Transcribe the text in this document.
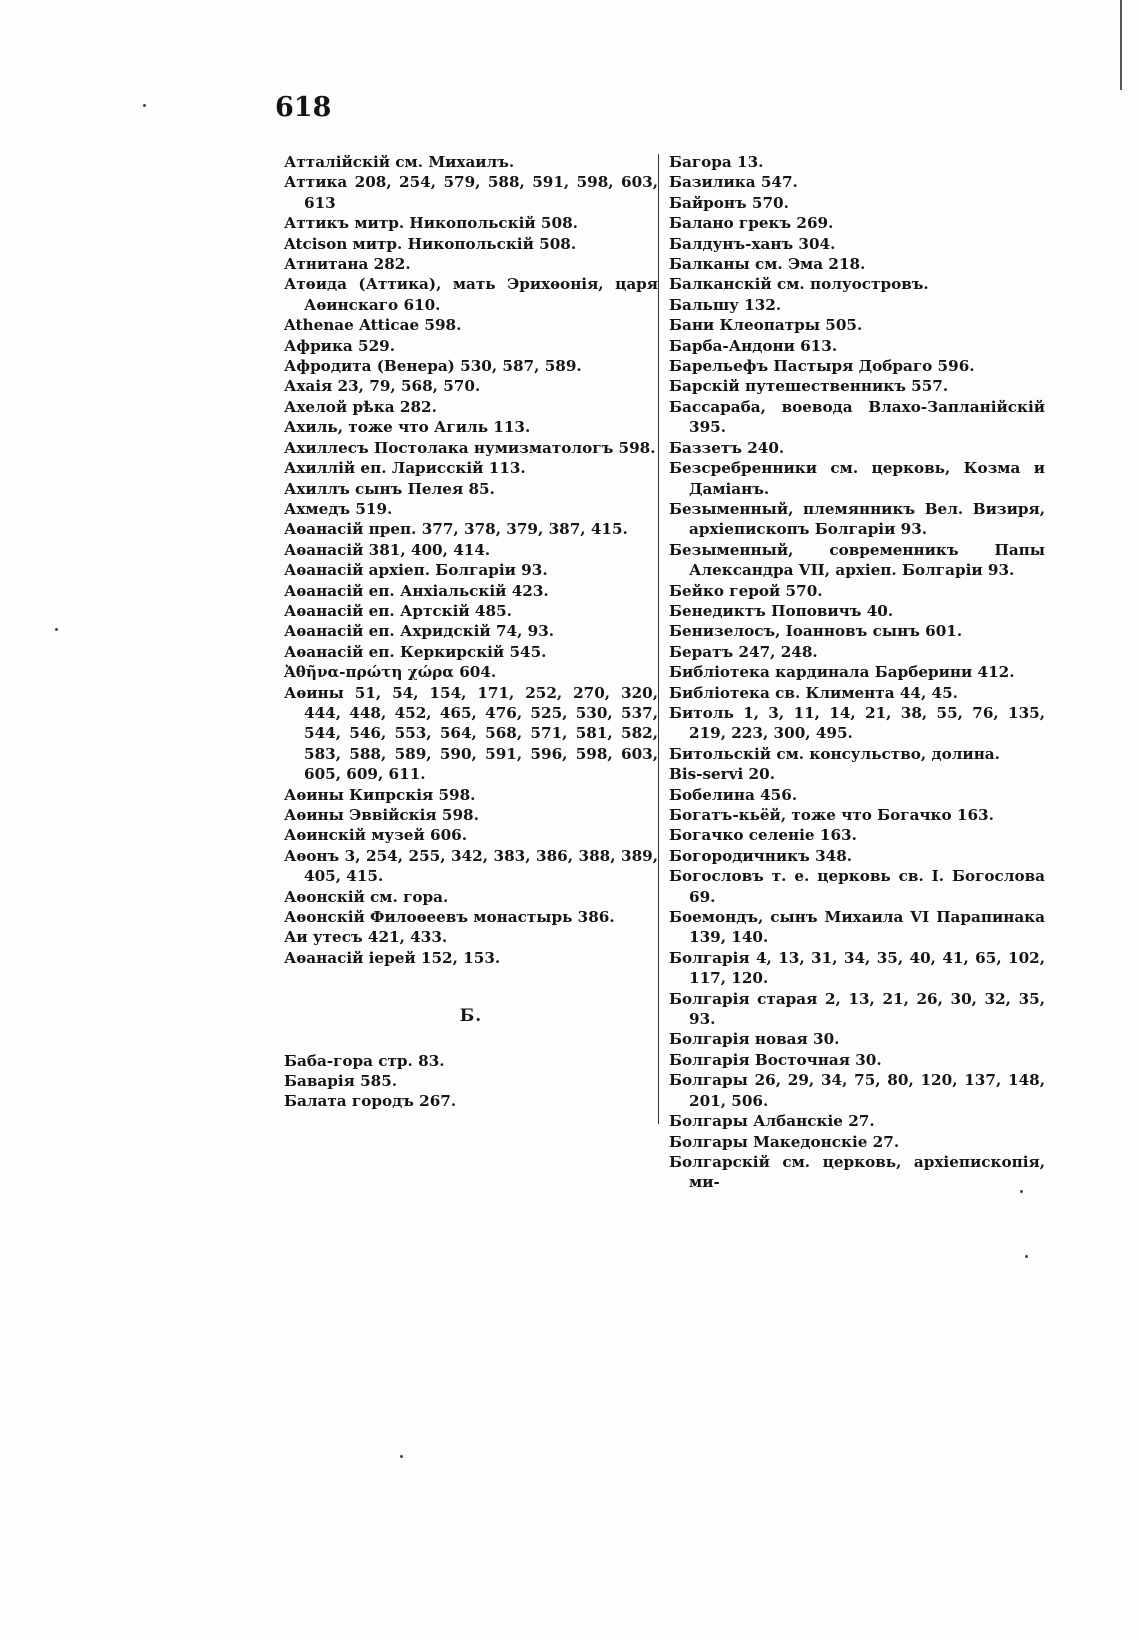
618
Атталійскій см. Михаилъ.
Аттика 208, 254, 579, 588, 591, 598, 603, 613
Аттикъ митр. Никопольскій 508.
Atcison митр. Никопольскій 508.
Атнитана 282.
Атѳида (Аттика), мать Эрихѳонія, царя Аѳинскаго 610.
Athenae Atticae 598.
Африка 529.
Афродита (Венера) 530, 587, 589.
Ахаія 23, 79, 568, 570.
Ахелой рѣка 282.
Ахиль, тоже что Агиль 113.
Ахиллесъ Постолака нумизматологъ 598.
Ахиллій еп. Ларисскій 113.
Ахиллъ сынъ Пелея 85.
Ахмедъ 519.
Аѳанасій преп. 377, 378, 379, 387, 415.
Аѳанасій 381, 400, 414.
Аѳанасій архіеп. Болгаріи 93.
Аѳанасій еп. Анхіальскій 423.
Аѳанасій еп. Артскій 485.
Аѳанасій еп. Ахридскій 74, 93.
Аѳанасій еп. Керкирскій 545.
Ἀθῆνα-πρώτη χώρα 604.
Аѳины 51, 54, 154, 171, 252, 270, 320, 444, 448, 452, 465, 476, 525, 530, 537, 544, 546, 553, 564, 568, 571, 581, 582, 583, 588, 589, 590, 591, 596, 598, 603, 605, 609, 611.
Аѳины Кипрскія 598.
Аѳины Эввійскія 598.
Аѳинскій музей 606.
Аѳонъ 3, 254, 255, 342, 383, 386, 388, 389, 405, 415.
Аѳонскій см. гора.
Аѳонскій Филоѳеевъ монастырь 386.
Аи утесъ 421, 433.
Аѳанасій іерей 152, 153.
Б.
Баба-гора стр. 83.
Баварія 585.
Балата городъ 267.
Багора 13.
Базилика 547.
Байронъ 570.
Балано грекъ 269.
Балдунъ-ханъ 304.
Балканы см. Эма 218.
Балканскій см. полуостровъ.
Бальшу 132.
Бани Клеопатры 505.
Барба-Андони 613.
Барельефъ Пастыря Добраго 596.
Барскій путешественникъ 557.
Бассараба, воевода Влахо-Запланійскій 395.
Баззетъ 240.
Безсребренники см. церковь, Козма и Даміанъ.
Безыменный, племянникъ Вел. Визиря, архіепископъ Болгаріи 93.
Безыменный, современникъ Папы Александра VII, архіеп. Болгаріи 93.
Бейко герой 570.
Бенедиктъ Поповичъ 40.
Бенизелосъ, Іоанновъ сынъ 601.
Бератъ 247, 248.
Библіотека кардинала Барберини 412.
Библіотека св. Климента 44, 45.
Битоль 1, 3, 11, 14, 21, 38, 55, 76, 135, 219, 223, 300, 495.
Битольскій см. консульство, долина.
Bis-servi 20.
Бобелина 456.
Богатъ-кьёй, тоже что Богачко 163.
Богачко селеніе 163.
Богородичникъ 348.
Богословъ т. е. церковь св. І. Богослова 69.
Боемондъ, сынъ Михаила VI Парапинака 139, 140.
Болгарія 4, 13, 31, 34, 35, 40, 41, 65, 102, 117, 120.
Болгарія старая 2, 13, 21, 26, 30, 32, 35, 93.
Болгарія новая 30.
Болгарія Восточная 30.
Болгары 26, 29, 34, 75, 80, 120, 137, 148, 201, 506.
Болгары Албанскіе 27.
Болгары Македонскіе 27.
Болгарскій см. церковь, архіепископія, ми-
